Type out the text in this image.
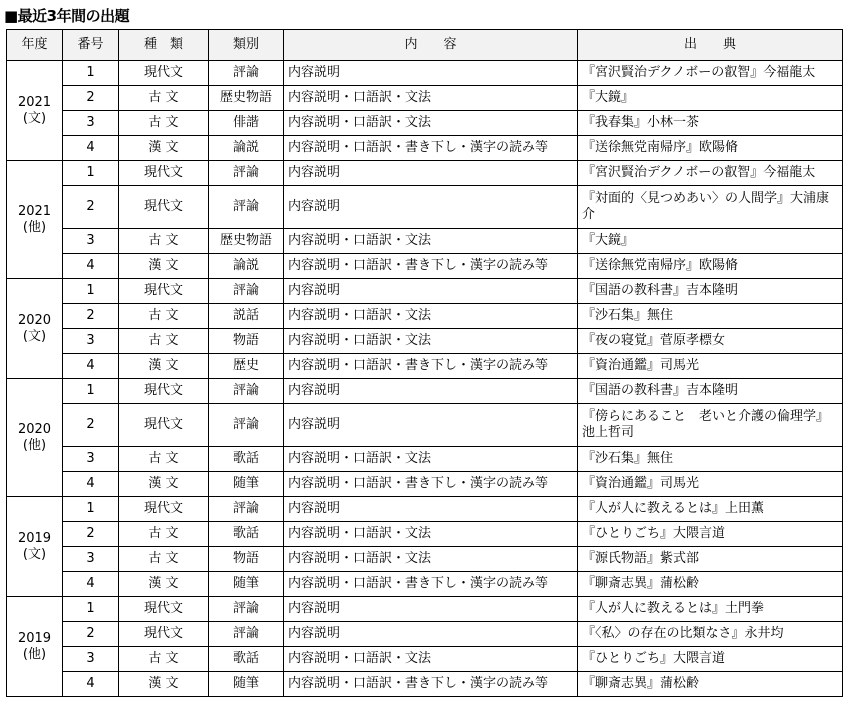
■最近3年間の出題
年度	番号	種　類	類別	内　　容	出　　典

2021
(文)	1	現代文	評論	内容説明	『宮沢賢治デクノボーの叡智』今福龍太
	2	古 文	歴史物語	内容説明・口語訳・文法	『大鏡』
	3	古 文	俳諧	内容説明・口語訳・文法	『我春集』小林一茶
	4	漢 文	論説	内容説明・口語訳・書き下し・漢字の読み等	『送徐無党南帰序』欧陽脩

2021
(他)	1	現代文	評論	内容説明	『宮沢賢治デクノボーの叡智』今福龍太
	2	現代文	評論	内容説明	『対面的〈見つめあい〉の人間学』大浦康介
	3	古 文	歴史物語	内容説明・口語訳・文法	『大鏡』
	4	漢 文	論説	内容説明・口語訳・書き下し・漢字の読み等	『送徐無党南帰序』欧陽脩

2020
(文)	1	現代文	評論	内容説明	『国語の教科書』吉本隆明
	2	古 文	説話	内容説明・口語訳・文法	『沙石集』無住
	3	古 文	物語	内容説明・口語訳・文法	『夜の寝覚』菅原孝標女
	4	漢 文	歴史	内容説明・口語訳・書き下し・漢字の読み等	『資治通鑑』司馬光

2020
(他)	1	現代文	評論	内容説明	『国語の教科書』吉本隆明
	2	現代文	評論	内容説明	『傍らにあること　老いと介護の倫理学』池上哲司
	3	古 文	歌話	内容説明・口語訳・文法	『沙石集』無住
	4	漢 文	随筆	内容説明・口語訳・書き下し・漢字の読み等	『資治通鑑』司馬光

2019
(文)	1	現代文	評論	内容説明	『人が人に教えるとは』上田薫
	2	古 文	歌話	内容説明・口語訳・文法	『ひとりごち』大隈言道
	3	古 文	物語	内容説明・口語訳・文法	『源氏物語』紫式部
	4	漢 文	随筆	内容説明・口語訳・書き下し・漢字の読み等	『聊斎志異』蒲松齢

2019
(他)	1	現代文	評論	内容説明	『人が人に教えるとは』土門拳
	2	現代文	評論	内容説明	『〈私〉の存在の比類なさ』永井均
	3	古 文	歌話	内容説明・口語訳・文法	『ひとりごち』大隈言道
	4	漢 文	随筆	内容説明・口語訳・書き下し・漢字の読み等	『聊斎志異』蒲松齢
